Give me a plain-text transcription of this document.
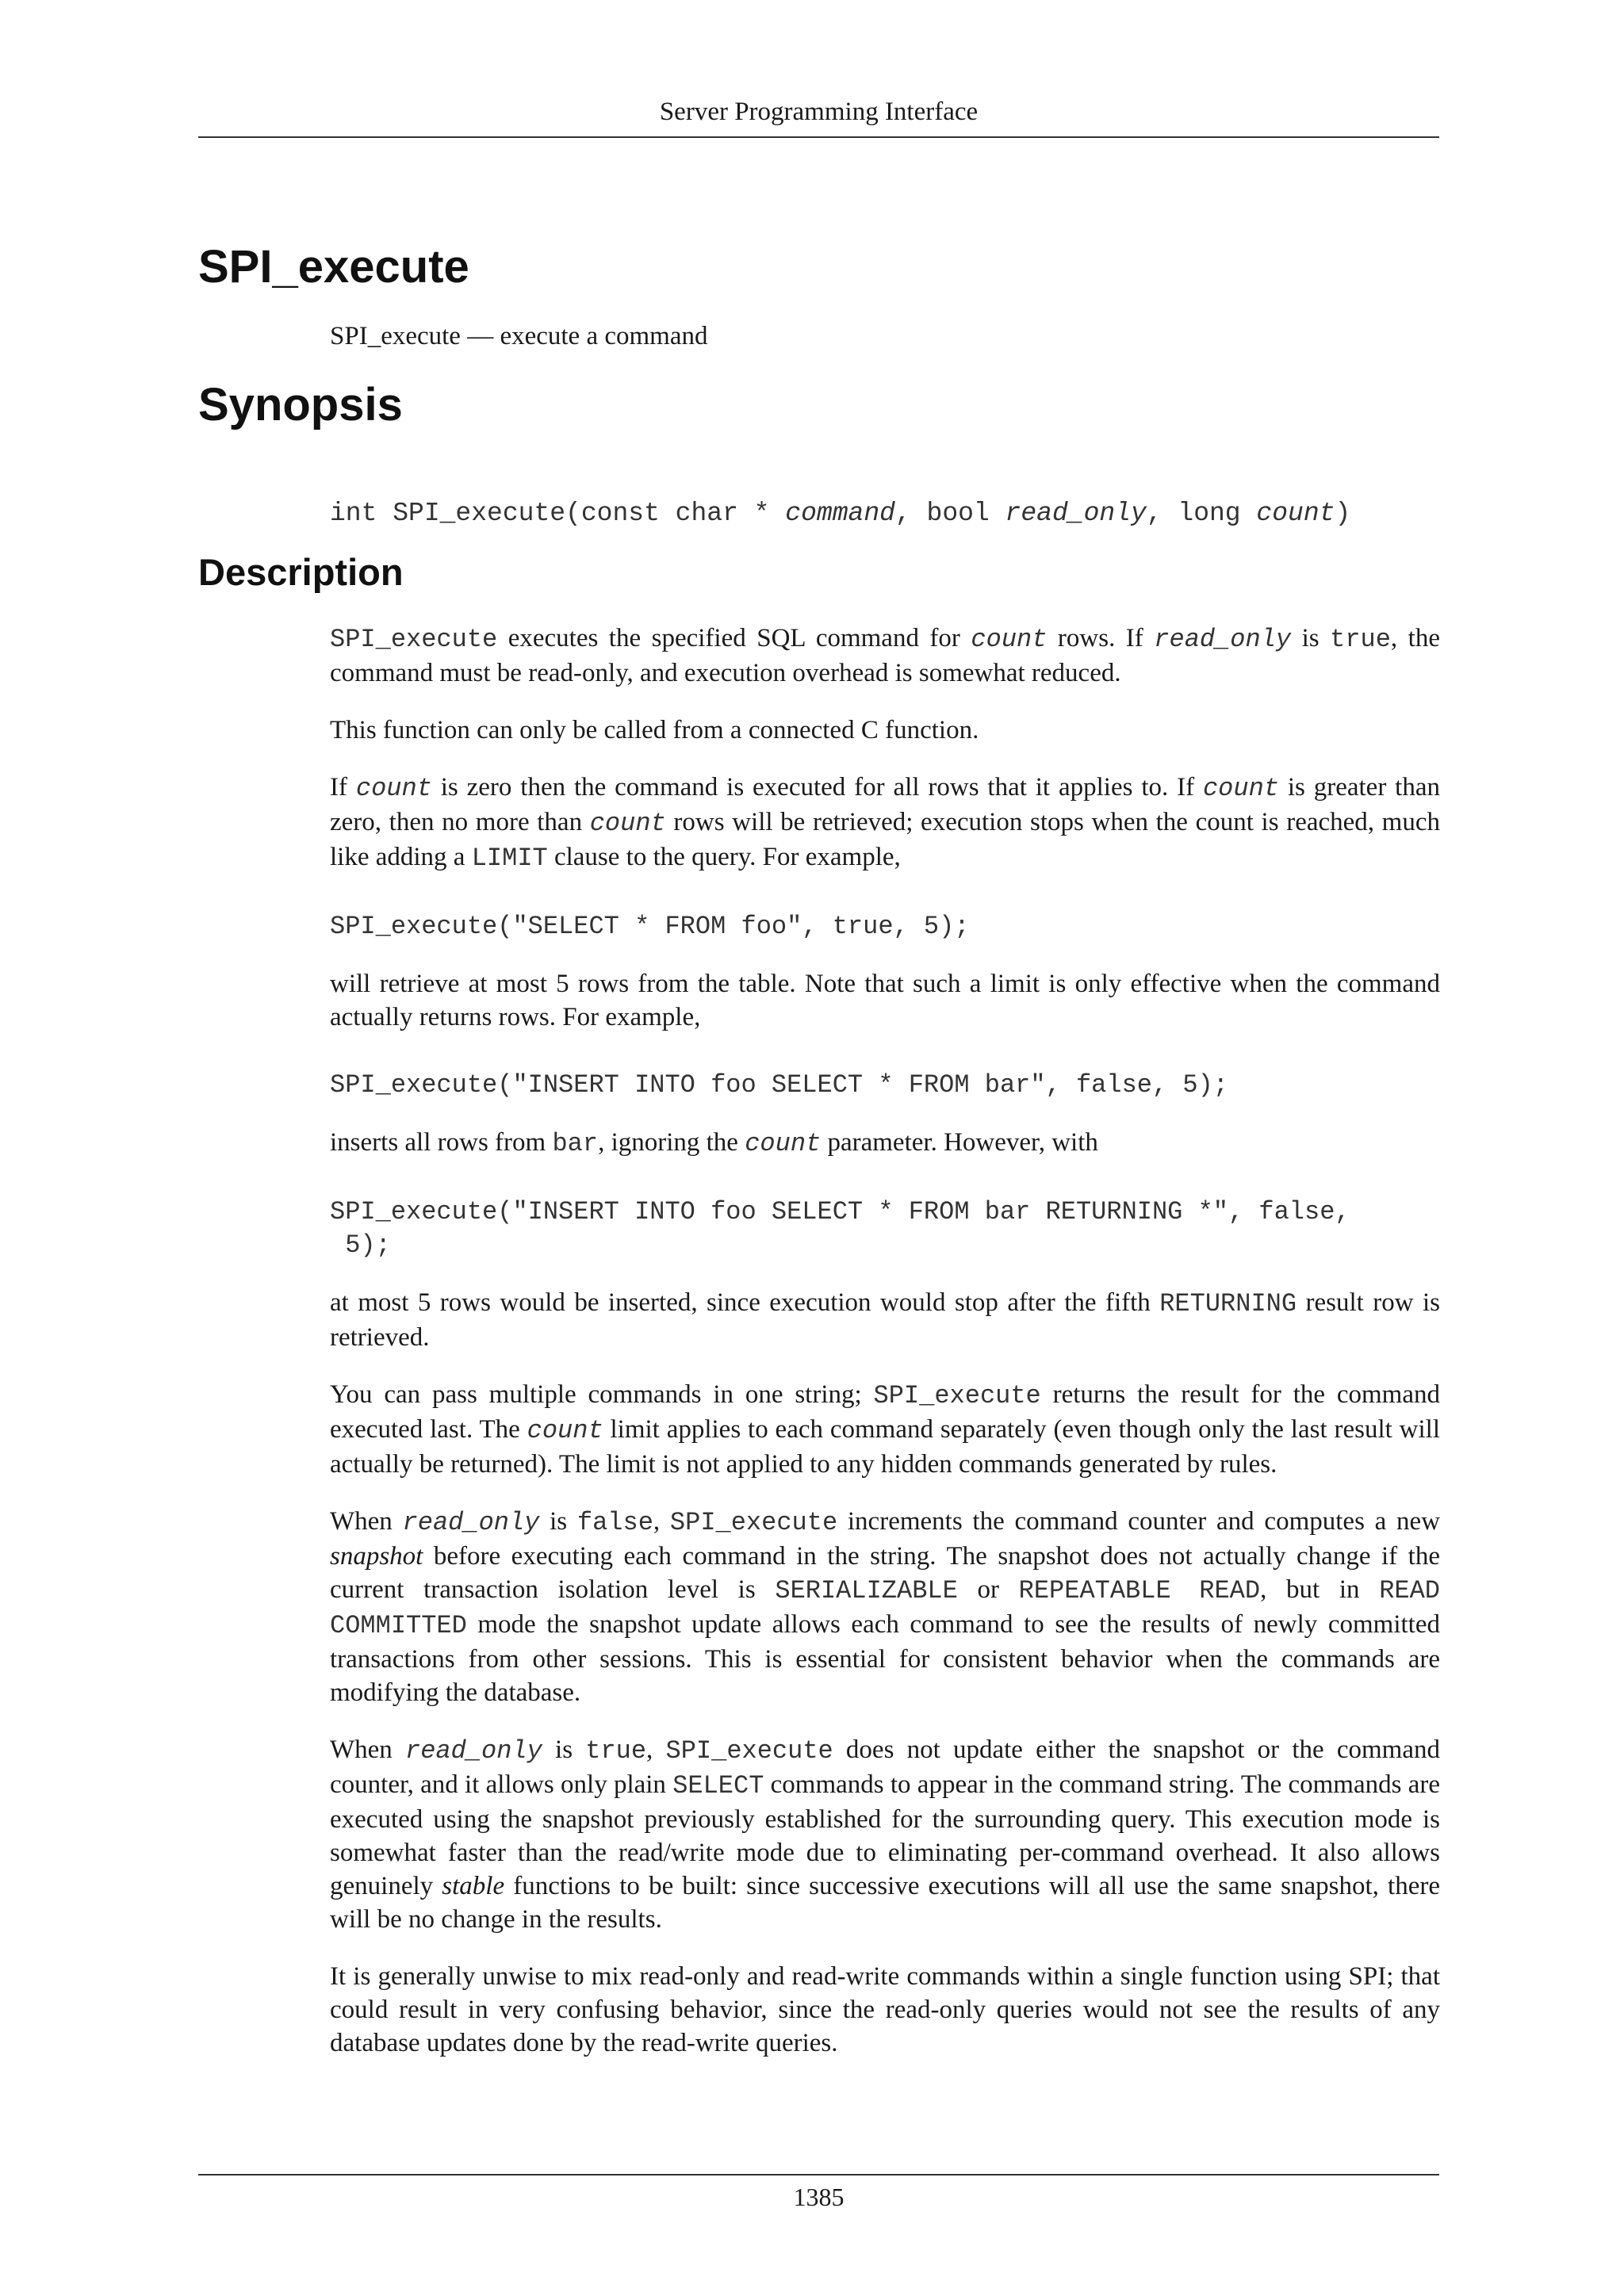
Server Programming Interface
SPI_execute
SPI_execute — execute a command
Synopsis
int SPI_execute(const char * command, bool read_only, long count)
Description

SPI_execute executes the specified SQL command for count rows. If read_only is true, the command must be read-only, and execution overhead is somewhat reduced.

This function can only be called from a connected C function.

If count is zero then the command is executed for all rows that it applies to. If count is greater than zero, then no more than count rows will be retrieved; execution stops when the count is reached, much like adding a LIMIT clause to the query. For example,

SPI_execute("SELECT * FROM foo", true, 5);

will retrieve at most 5 rows from the table. Note that such a limit is only effective when the command actually returns rows. For example,

SPI_execute("INSERT INTO foo SELECT * FROM bar", false, 5);

inserts all rows from bar, ignoring the count parameter. However, with

SPI_execute("INSERT INTO foo SELECT * FROM bar RETURNING *", false,
5);

at most 5 rows would be inserted, since execution would stop after the fifth RETURNING result row is retrieved.

You can pass multiple commands in one string; SPI_execute returns the result for the command executed last. The count limit applies to each command separately (even though only the last result will actually be returned). The limit is not applied to any hidden commands generated by rules.

When read_only is false, SPI_execute increments the command counter and computes a new snapshot before executing each command in the string. The snapshot does not actually change if the current transaction isolation level is SERIALIZABLE or REPEATABLE READ, but in READ COMMITTED mode the snapshot update allows each command to see the results of newly committed transactions from other sessions. This is essential for consistent behavior when the commands are modifying the database.

When read_only is true, SPI_execute does not update either the snapshot or the command counter, and it allows only plain SELECT commands to appear in the command string. The commands are executed using the snapshot previously established for the surrounding query. This execution mode is somewhat faster than the read/write mode due to eliminating per-command overhead. It also allows genuinely stable functions to be built: since successive executions will all use the same snapshot, there will be no change in the results.

It is generally unwise to mix read-only and read-write commands within a single function using SPI; that could result in very confusing behavior, since the read-only queries would not see the results of any database updates done by the read-write queries.

1385
